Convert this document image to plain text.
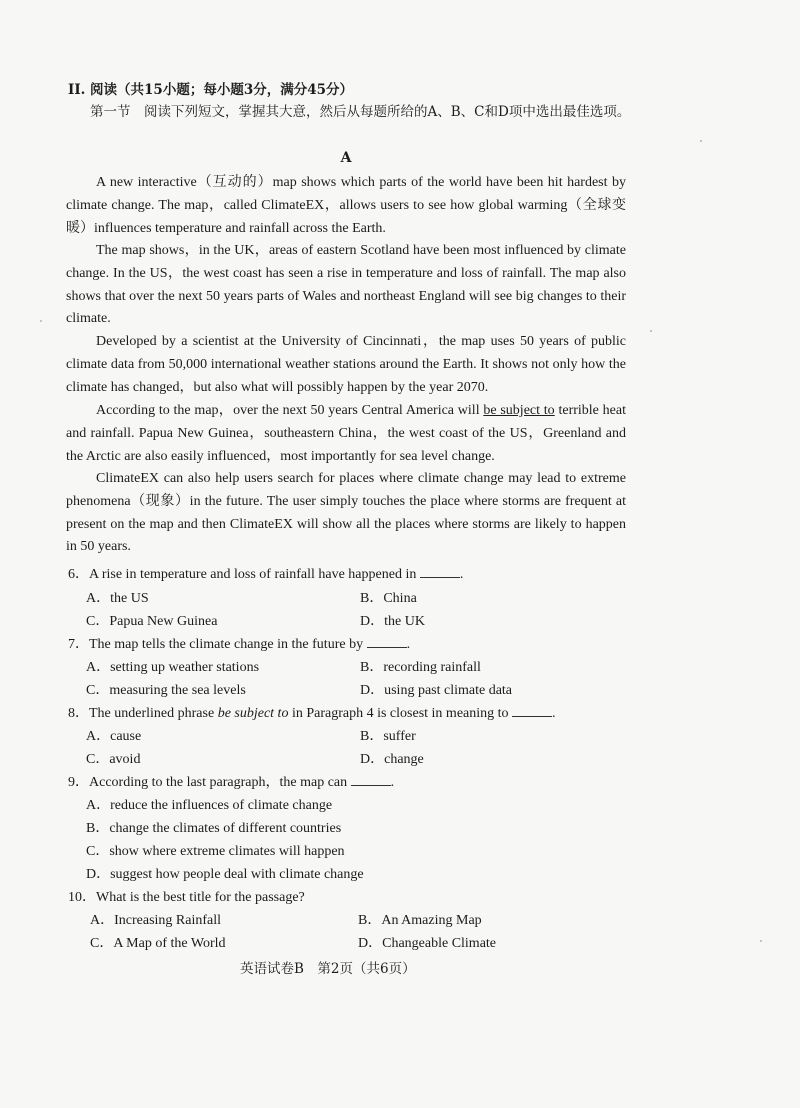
II. 阅读（共15小题；每小题3分，满分45分）
第一节　阅读下列短文，掌握其大意，然后从每题所给的A、B、C和D项中选出最佳选项。
A
A new interactive（互动的）map shows which parts of the world have been hit hardest by climate change. The map，called ClimateEX，allows users to see how global warming（全球变暖）influences temperature and rainfall across the Earth.
The map shows，in the UK，areas of eastern Scotland have been most influenced by climate change. In the US，the west coast has seen a rise in temperature and loss of rainfall. The map also shows that over the next 50 years parts of Wales and northeast England will see big changes to their climate.
Developed by a scientist at the University of Cincinnati，the map uses 50 years of public climate data from 50,000 international weather stations around the Earth. It shows not only how the climate has changed，but also what will possibly happen by the year 2070.
According to the map，over the next 50 years Central America will be subject to terrible heat and rainfall. Papua New Guinea，southeastern China，the west coast of the US，Greenland and the Arctic are also easily influenced，most importantly for sea level change.
ClimateEX can also help users search for places where climate change may lead to extreme phenomena（现象）in the future. The user simply touches the place where storms are frequent at present on the map and then ClimateEX will show all the places where storms are likely to happen in 50 years.
6．A rise in temperature and loss of rainfall have happened in	.
A．the US	B．China
C．Papua New Guinea	D．the UK
7．The map tells the climate change in the future by	.
A．setting up weather stations	B．recording rainfall
C．measuring the sea levels	D．using past climate data
8．The underlined phrase be subject to in Paragraph 4 is closest in meaning to	.
A．cause	B．suffer
C．avoid	D．change
9．According to the last paragraph，the map can	.
A．reduce the influences of climate change
B．change the climates of different countries
C．show where extreme climates will happen
D．suggest how people deal with climate change
10．What is the best title for the passage?
A．Increasing Rainfall	B．An Amazing Map
C．A Map of the World	D．Changeable Climate
英语试卷B　第2页（共6页）
